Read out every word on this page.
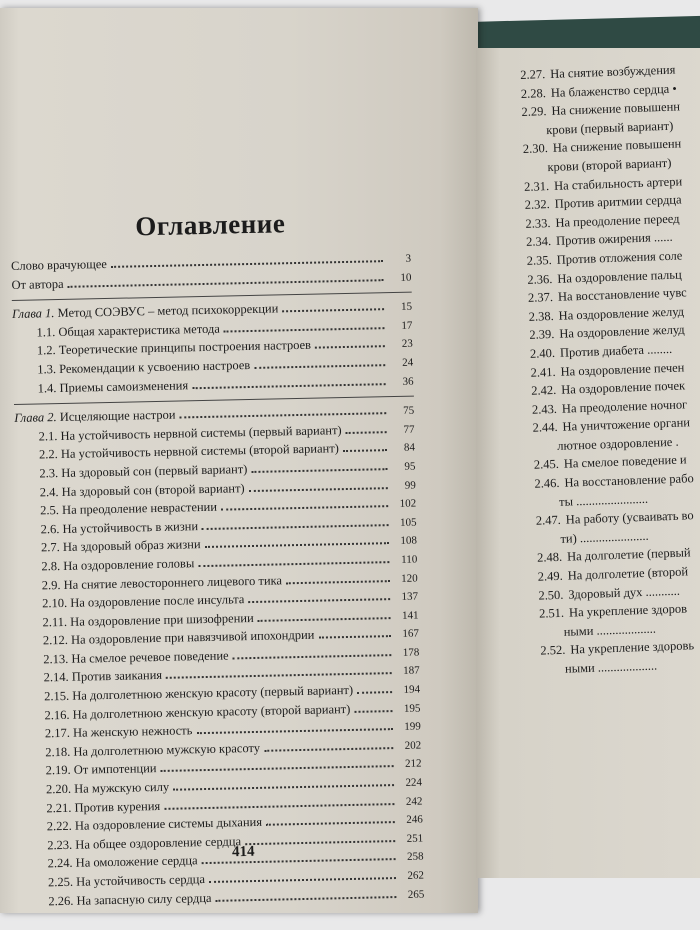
Оглавление
Слово врачующее	3
От автора	10
Глава 1. Метод СОЭВУС – метод психокоррекции	15
1.1. Общая характеристика метода	17
1.2. Теоретические принципы построения настроев	23
1.3. Рекомендации к усвоению настроев	24
1.4. Приемы самоизменения	36
Глава 2. Исцеляющие настрои	75
2.1. На устойчивость нервной системы (первый вариант)	77
2.2. На устойчивость нервной системы (второй вариант)	84
2.3. На здоровый сон (первый вариант)	95
2.4. На здоровый сон (второй вариант)	99
2.5. На преодоление неврастении	102
2.6. На устойчивость в жизни	105
2.7. На здоровый образ жизни	108
2.8. На оздоровление головы	110
2.9. На снятие левостороннего лицевого тика	120
2.10. На оздоровление после инсульта	137
2.11. На оздоровление при шизофрении	141
2.12. На оздоровление при навязчивой ипохондрии	167
2.13. На смелое речевое поведение	178
2.14. Против заикания	187
2.15. На долголетнюю женскую красоту (первый вариант)	194
2.16. На долголетнюю женскую красоту (второй вариант)	195
2.17. На женскую нежность	199
2.18. На долголетнюю мужскую красоту	202
2.19. От импотенции	212
2.20. На мужскую силу	224
2.21. Против курения	242
2.22. На оздоровление системы дыхания	246
2.23. На общее оздоровление сердца	251
2.24. На омоложение сердца	258
2.25. На устойчивость сердца	262
2.26. На запасную силу сердца	265
414
2.27. На снятие возбуждения
2.28. На блаженство сердца •
2.29. На снижение повышенн
крови (первый вариант)
2.30. На снижение повышенн
крови (второй вариант)
2.31. На стабильность артери
2.32. Против аритмии сердца
2.33. На преодоление переед
2.34. Против ожирения ......
2.35. Против отложения соле
2.36. На оздоровление пальц
2.37. На восстановление чувс
2.38. На оздоровление желуд
2.39. На оздоровление желуд
2.40. Против диабета ........
2.41. На оздоровление печен
2.42. На оздоровление почек
2.43. На преодоление ночног
2.44. На уничтожение органи
лютное оздоровление .
2.45. На смелое поведение и
2.46. На восстановление рабо
ты .......................
2.47. На работу (усваивать во
ти) ......................
2.48. На долголетие (первый
2.49. На долголетие (второй
2.50. Здоровый дух ...........
2.51. На укрепление здоров
ными ...................
2.52. На укрепление здоровь
ными ...................
